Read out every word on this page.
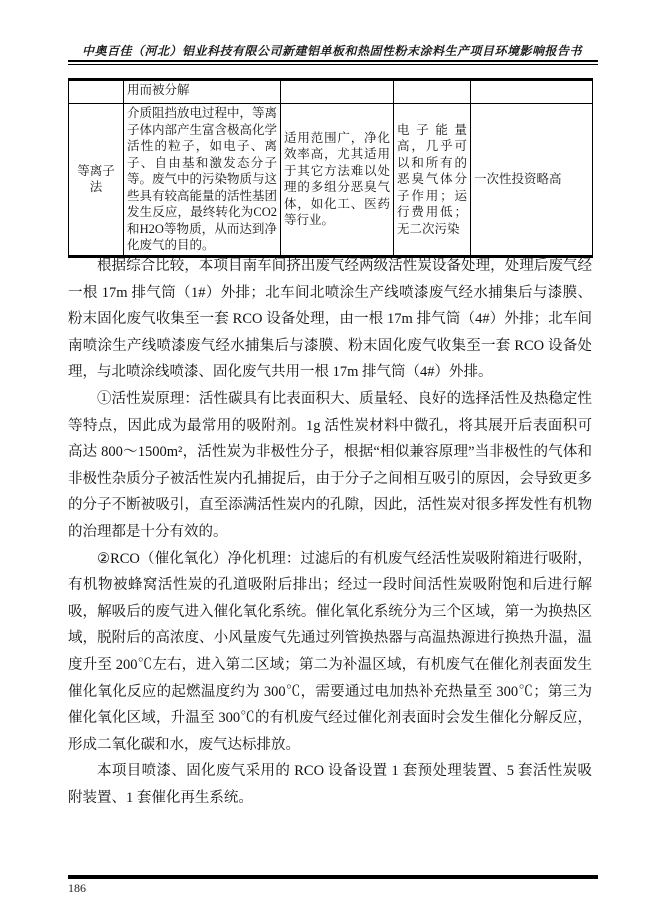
中奥百佳（河北）铝业科技有限公司新建铝单板和热固性粉末涂料生产项目环境影响报告书
	用而被分解			
等离子法	介质阻挡放电过程中，等离子体内部产生富含极高化学活性的粒子，如电子、离子、自由基和激发态分子等。废气中的污染物质与这些具有较高能量的活性基团发生反应，最终转化为CO2 和H2O等物质，从而达到净化废气的目的。	适用范围广，净化效率高，尤其适用于其它方法难以处理的多组分恶臭气体，如化工、医药等行业。	电子能量高，几乎可以和所有的恶臭气体分子作用；运行费用低；无二次污染	一次性投资略高

根据综合比较，本项目南车间挤出废气经两级活性炭设备处理，处理后废气经一根 17m 排气筒（1#）外排；北车间北喷涂生产线喷漆废气经水捕集后与漆膜、粉末固化废气收集至一套 RCO 设备处理，由一根 17m 排气筒（4#）外排；北车间南喷涂生产线喷漆废气经水捕集后与漆膜、粉末固化废气收集至一套 RCO 设备处理，与北喷涂线喷漆、固化废气共用一根 17m 排气筒（4#）外排。

①活性炭原理：活性碳具有比表面积大、质量轻、良好的选择活性及热稳定性等特点，因此成为最常用的吸附剂。1g 活性炭材料中微孔，将其展开后表面积可高达 800～1500m²，活性炭为非极性分子，根据“相似兼容原理”当非极性的气体和非极性杂质分子被活性炭内孔捕捉后，由于分子之间相互吸引的原因，会导致更多的分子不断被吸引，直至添满活性炭内的孔隙，因此，活性炭对很多挥发性有机物的治理都是十分有效的。

②RCO（催化氧化）净化机理：过滤后的有机废气经活性炭吸附箱进行吸附，有机物被蜂窝活性炭的孔道吸附后排出；经过一段时间活性炭吸附饱和后进行解吸，解吸后的废气进入催化氧化系统。催化氧化系统分为三个区域，第一为换热区域，脱附后的高浓度、小风量废气先通过列管换热器与高温热源进行换热升温，温度升至 200℃左右，进入第二区域；第二为补温区域，有机废气在催化剂表面发生催化氧化反应的起燃温度约为 300℃，需要通过电加热补充热量至 300℃；第三为催化氧化区域，升温至 300℃的有机废气经过催化剂表面时会发生催化分解反应，形成二氧化碳和水，废气达标排放。

本项目喷漆、固化废气采用的 RCO 设备设置 1 套预处理装置、5 套活性炭吸附装置、1 套催化再生系统。

186
